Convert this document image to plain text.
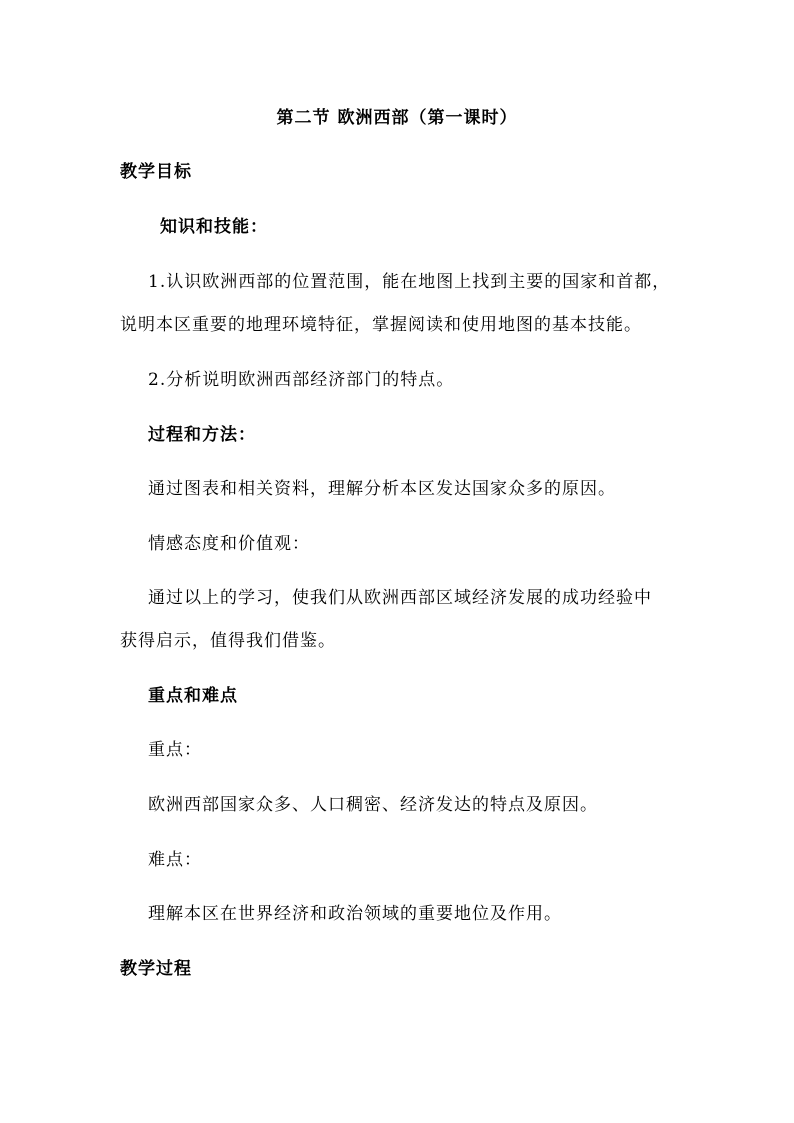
第二节 欧洲西部（第一课时）
教学目标
知识和技能：
1.认识欧洲西部的位置范围，能在地图上找到主要的国家和首都，
说明本区重要的地理环境特征，掌握阅读和使用地图的基本技能。
2.分析说明欧洲西部经济部门的特点。
过程和方法：
通过图表和相关资料，理解分析本区发达国家众多的原因。
情感态度和价值观：
通过以上的学习，使我们从欧洲西部区域经济发展的成功经验中
获得启示，值得我们借鉴。
重点和难点
重点：
欧洲西部国家众多、人口稠密、经济发达的特点及原因。
难点：
理解本区在世界经济和政治领域的重要地位及作用。
教学过程
